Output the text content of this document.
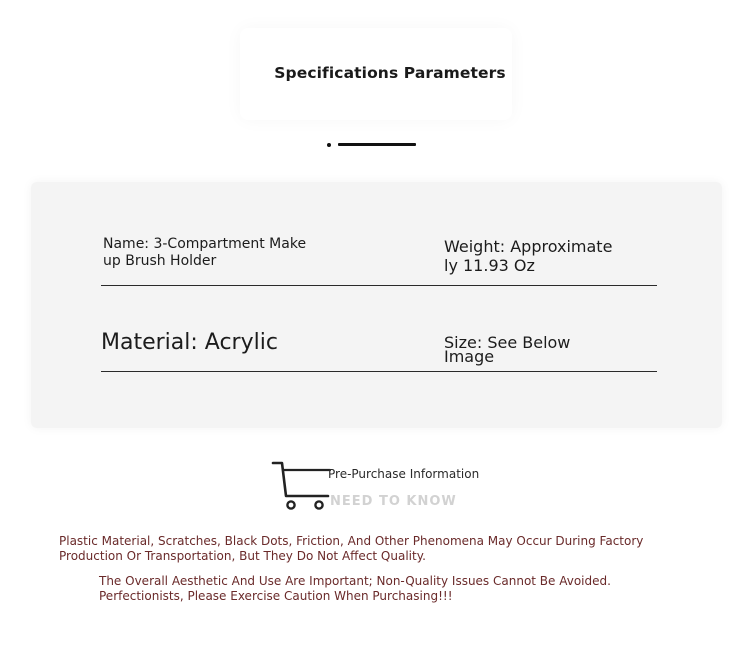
Specifications Parameters
Name: 3-Compartment Makeup Brush Holder
Weight: Approximately 11.93 Oz
Material: Acrylic	Size: See Below Image
Pre-Purchase Information
NEED TO KNOW
Plastic Material, Scratches, Black Dots, Friction, And Other Phenomena May Occur During Factory Production Or Transportation, But They Do Not Affect Quality.
The Overall Aesthetic And Use Are Important; Non-Quality Issues Cannot Be Avoided. Perfectionists, Please Exercise Caution When Purchasing!!!
